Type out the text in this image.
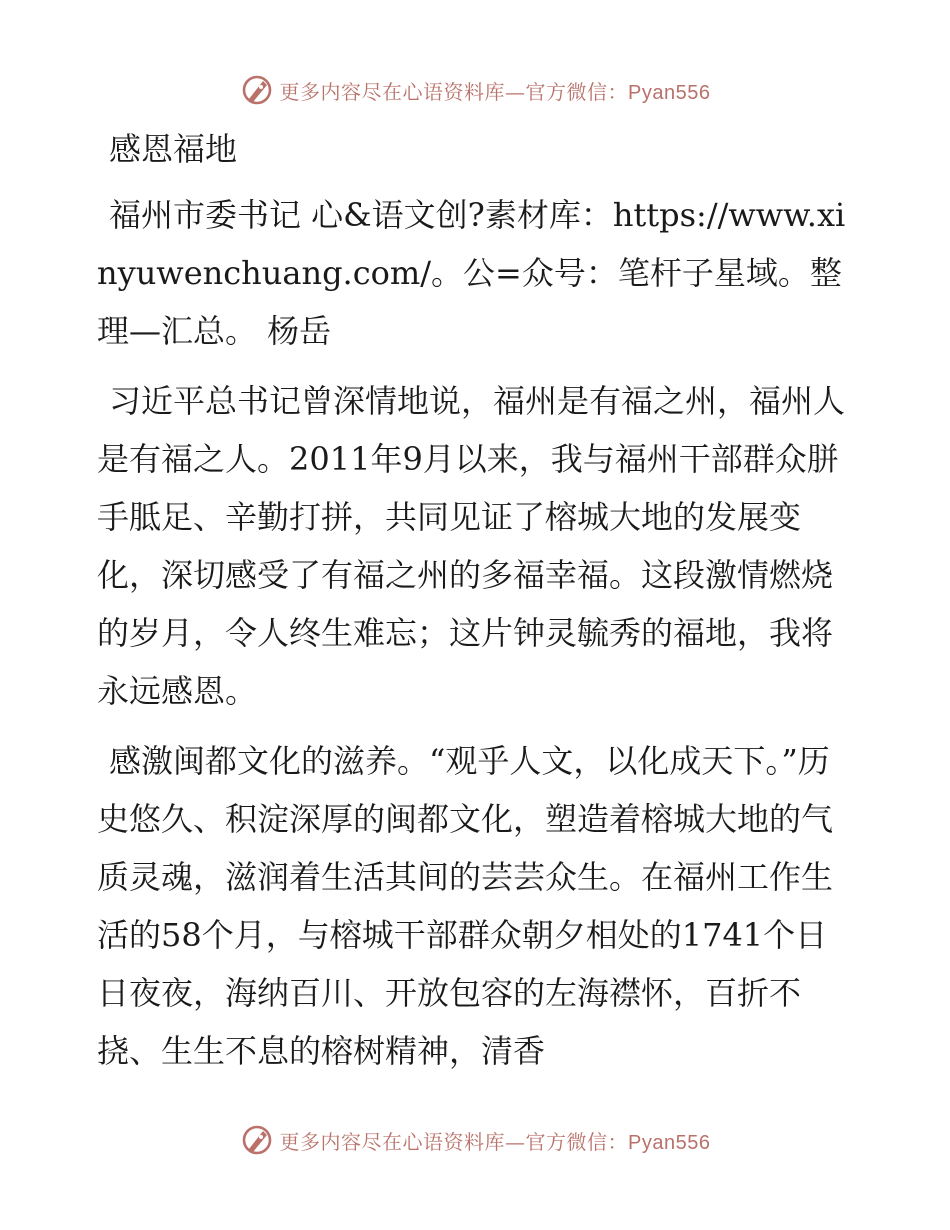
更多内容尽在心语资料库—官方微信：Pyan556

感恩福地

福州市委书记 心&语文创?素材库：https://www.xinyuwenchuang.com/。公=众号：笔杆子星域。整理—汇总。 杨岳

习近平总书记曾深情地说，福州是有福之州，福州人是有福之人。2011年9月以来，我与福州干部群众胼手胝足、辛勤打拼，共同见证了榕城大地的发展变化，深切感受了有福之州的多福幸福。这段激情燃烧的岁月，令人终生难忘；这片钟灵毓秀的福地，我将永远感恩。

感激闽都文化的滋养。“观乎人文，以化成天下。”历史悠久、积淀深厚的闽都文化，塑造着榕城大地的气质灵魂，滋润着生活其间的芸芸众生。在福州工作生活的58个月，与榕城干部群众朝夕相处的1741个日日夜夜，海纳百川、开放包容的左海襟怀，百折不挠、生生不息的榕树精神，清香

更多内容尽在心语资料库—官方微信：Pyan556
